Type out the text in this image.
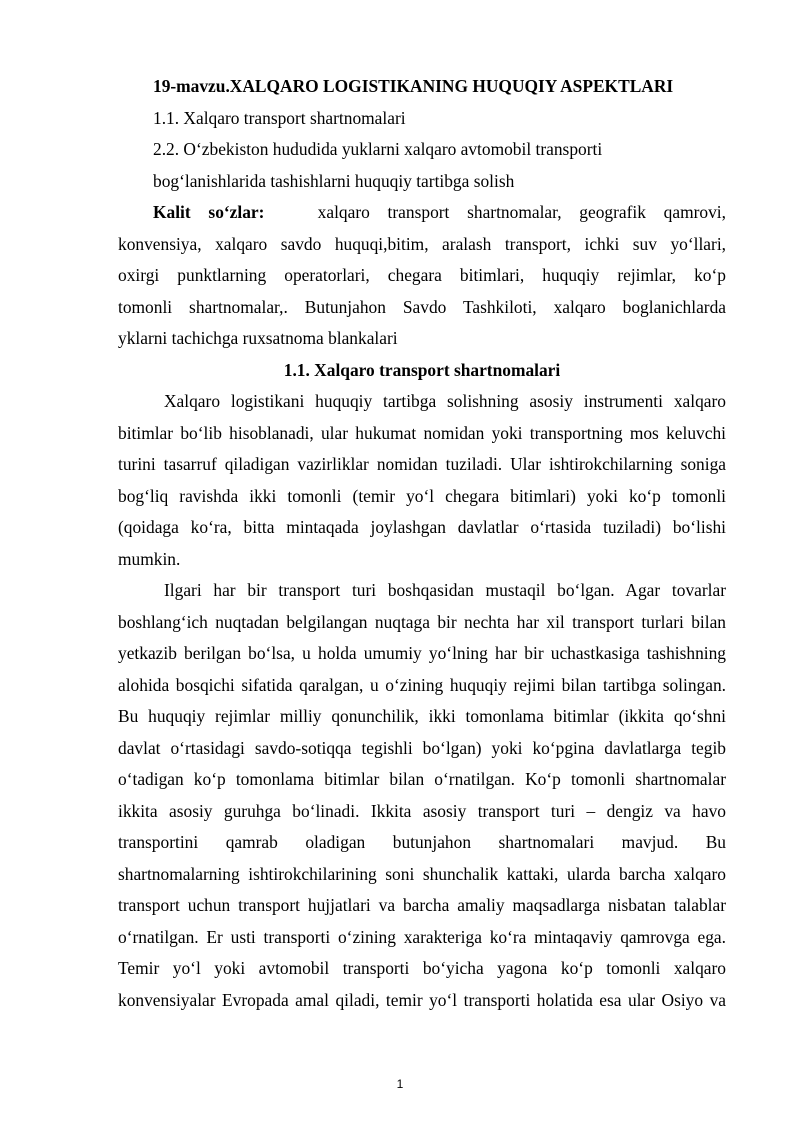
19-mavzu.XALQARO LOGISTIKANING HUQUQIY ASPEKTLARI
1.1. Xalqaro transport shartnomalari
2.2. O‘zbekiston hududida yuklarni xalqaro avtomobil transporti
bog‘lanishlarida tashishlarni huquqiy tartibga solish
Kalit so‘zlar:	xalqaro transport shartnomalar, geografik qamrovi,
konvensiya, xalqaro savdo huquqi,bitim, aralash transport, ichki suv yo‘llari,
oxirgi punktlarning operatorlari, chegara bitimlari, huquqiy rejimlar, ko‘p
tomonli shartnomalar,. Butunjahon Savdo Tashkiloti, xalqaro boglanichlarda
yklarni tachichga ruxsatnoma blankalari
1.1. Xalqaro transport shartnomalari
Xalqaro logistikani huquqiy tartibga solishning asosiy instrumenti xalqaro
bitimlar bo‘lib hisoblanadi, ular hukumat nomidan yoki transportning mos keluvchi
turini tasarruf qiladigan vazirliklar nomidan tuziladi. Ular ishtirokchilarning soniga
bog‘liq ravishda ikki tomonli (temir yo‘l chegara bitimlari) yoki ko‘p tomonli
(qoidaga ko‘ra, bitta mintaqada joylashgan davlatlar o‘rtasida tuziladi) bo‘lishi
mumkin.
Ilgari har bir transport turi boshqasidan mustaqil bo‘lgan. Agar tovarlar
boshlang‘ich nuqtadan belgilangan nuqtaga bir nechta har xil transport turlari bilan
yetkazib berilgan bo‘lsa, u holda umumiy yo‘lning har bir uchastkasiga tashishning
alohida bosqichi sifatida qaralgan, u o‘zining huquqiy rejimi bilan tartibga solingan.
Bu huquqiy rejimlar milliy qonunchilik, ikki tomonlama bitimlar (ikkita qo‘shni
davlat o‘rtasidagi savdo-sotiqqa tegishli bo‘lgan) yoki ko‘pgina davlatlarga tegib
o‘tadigan ko‘p tomonlama bitimlar bilan o‘rnatilgan. Ko‘p tomonli shartnomalar
ikkita asosiy guruhga bo‘linadi. Ikkita asosiy transport turi – dengiz va havo
transportini qamrab oladigan butunjahon shartnomalari mavjud. Bu
shartnomalarning ishtirokchilarining soni shunchalik kattaki, ularda barcha xalqaro
transport uchun transport hujjatlari va barcha amaliy maqsadlarga nisbatan talablar
o‘rnatilgan. Er usti transporti o‘zining xarakteriga ko‘ra mintaqaviy qamrovga ega.
Temir yo‘l yoki avtomobil transporti bo‘yicha yagona ko‘p tomonli xalqaro
konvensiyalar Evropada amal qiladi, temir yo‘l transporti holatida esa ular Osiyo va
1
